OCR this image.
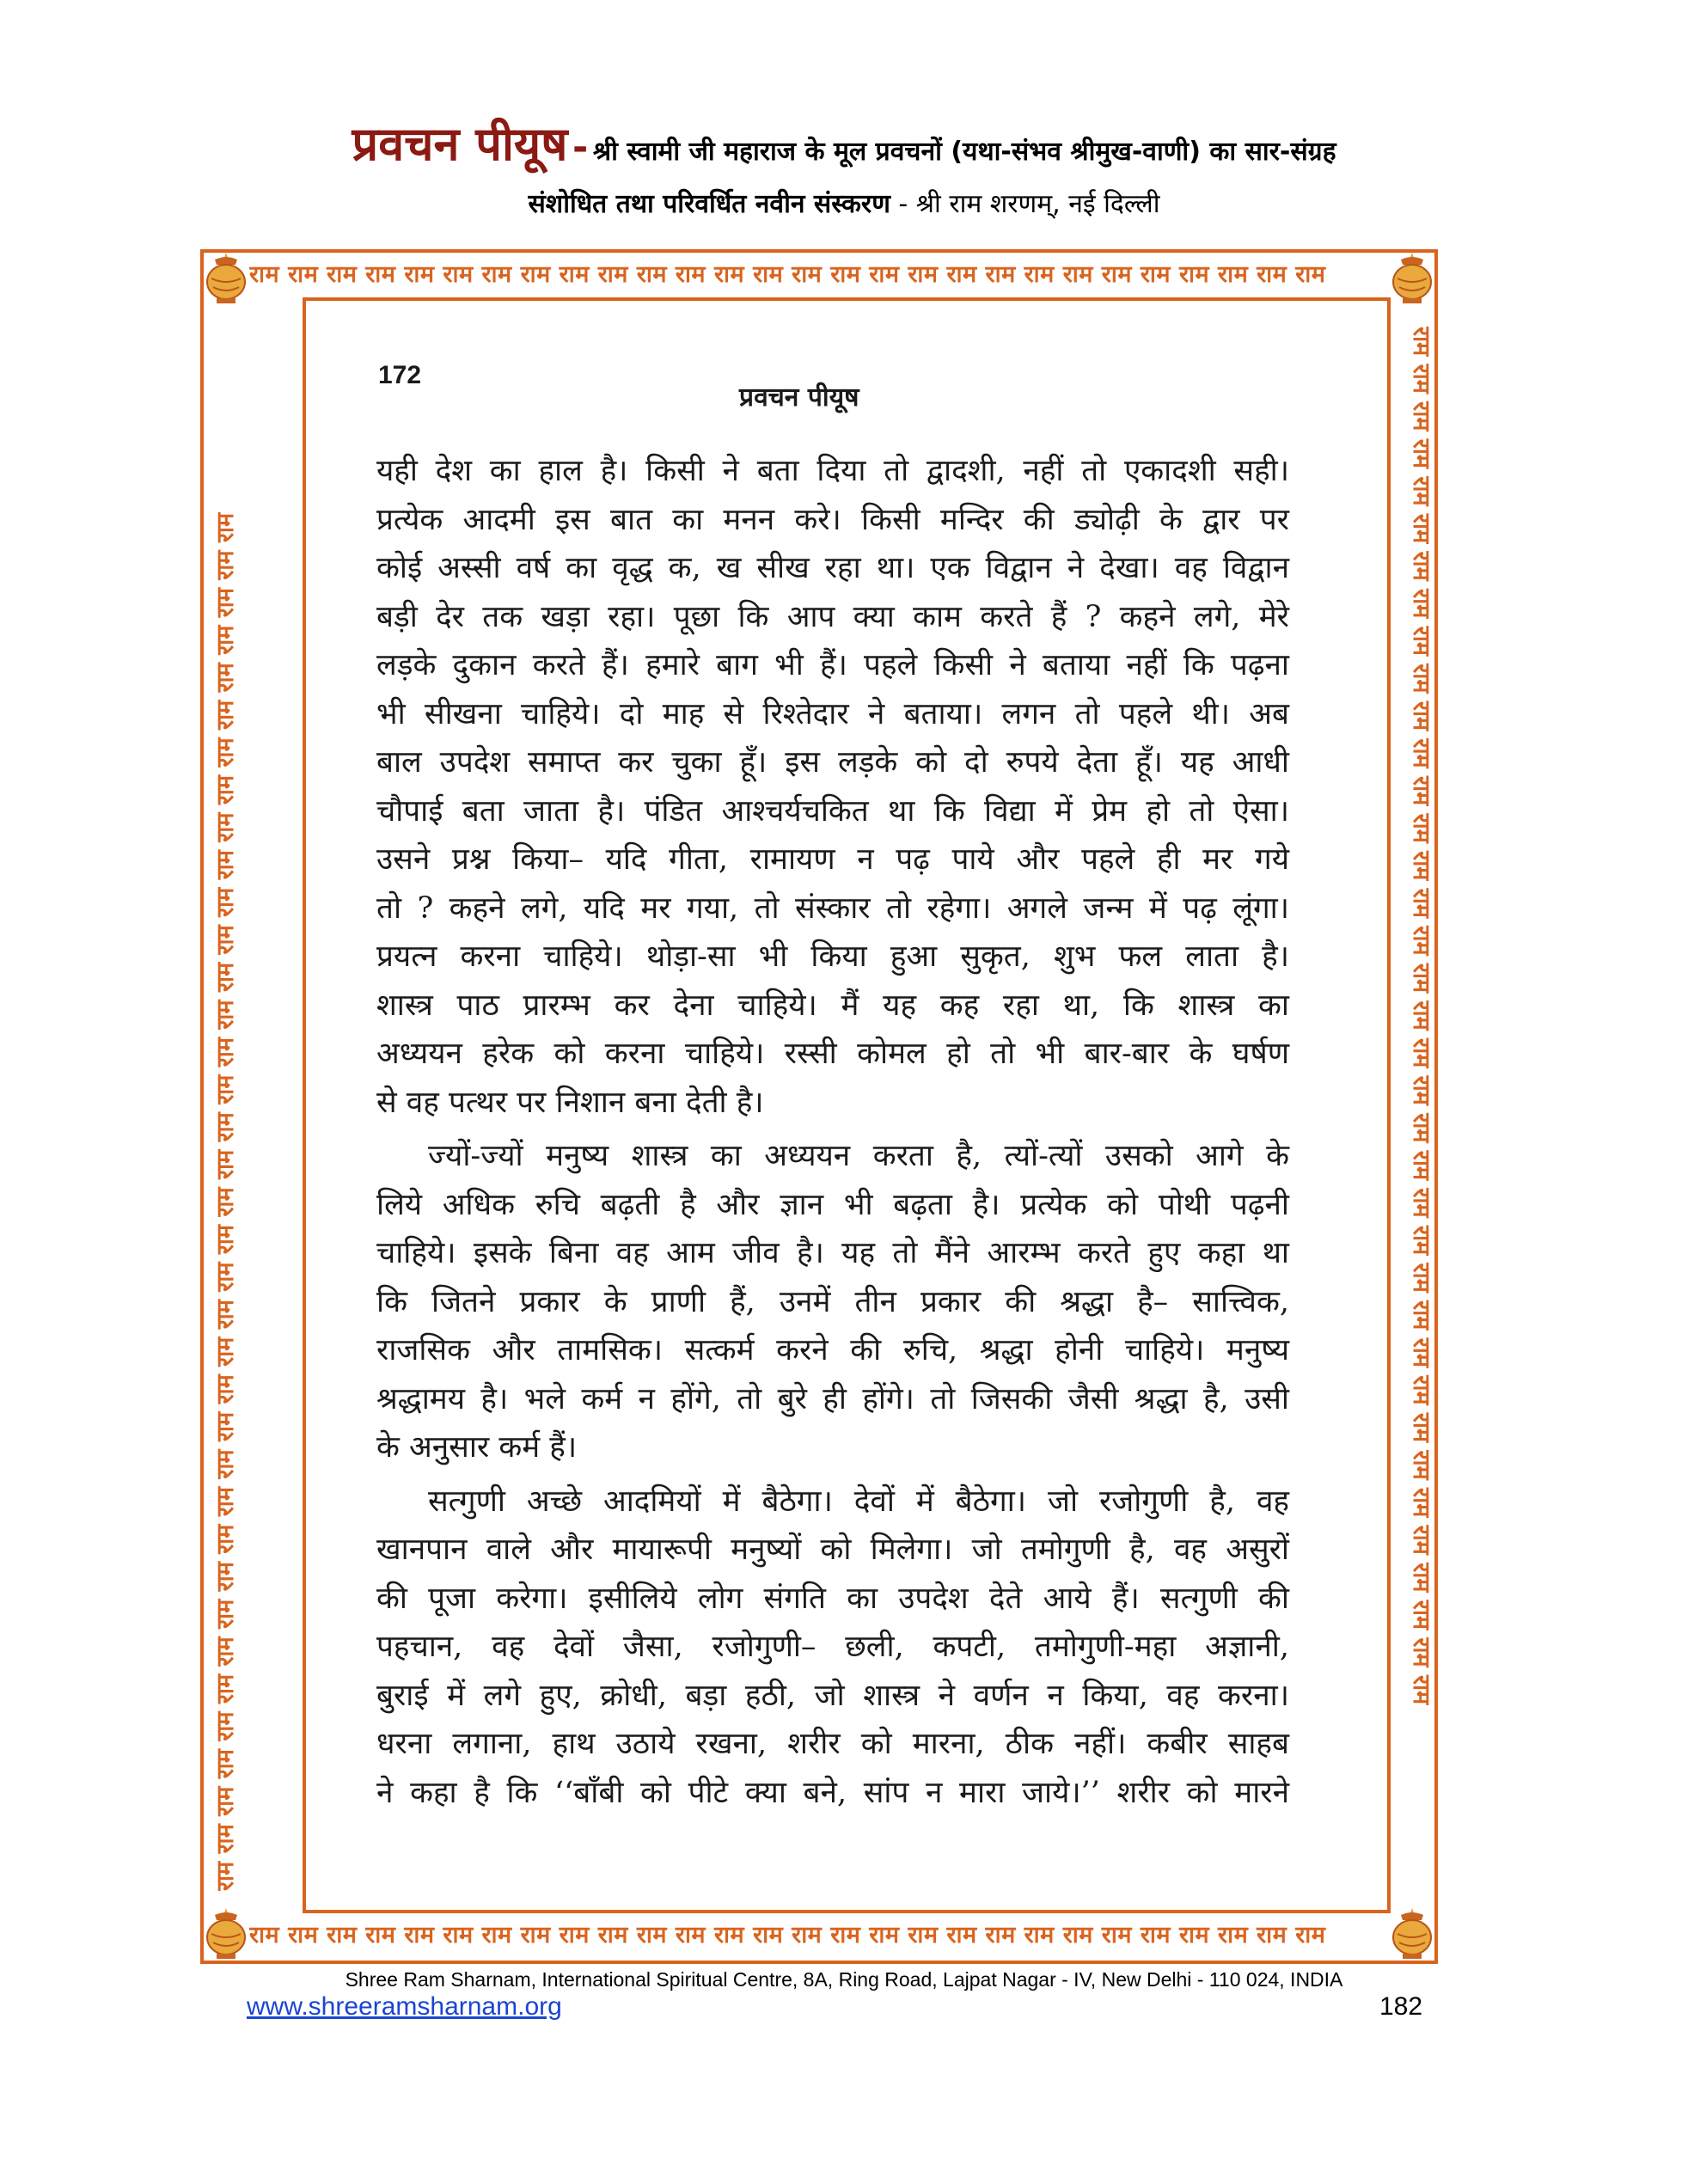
प्रवचन पीयूष - श्री स्वामी जी महाराज के मूल प्रवचनों (यथा-संभव श्रीमुख-वाणी) का सार-संग्रह
संशोधित तथा परिवर्धित नवीन संस्करण - श्री राम शरणम्, नई दिल्ली
राम राम राम राम राम राम राम राम राम राम राम राम राम राम राम राम राम राम राम राम राम राम राम राम राम राम राम राम
राम राम राम राम राम राम राम राम राम राम राम राम राम राम राम राम राम राम राम राम राम राम राम राम राम राम राम राम
राम राम राम राम राम राम राम राम राम राम राम राम राम राम राम राम राम राम राम राम राम राम राम राम राम राम राम राम राम राम राम राम राम राम राम राम राम	राम राम राम राम राम राम राम राम राम राम राम राम राम राम राम राम राम राम राम राम राम राम राम राम राम राम राम राम राम राम राम राम राम राम राम राम राम
172
प्रवचन पीयूष
यही देश का हाल है। किसी ने बता दिया तो द्वादशी, नहीं तो एकादशी सही।
प्रत्येक आदमी इस बात का मनन करे। किसी मन्दिर की ड्योढ़ी के द्वार पर
कोई अस्सी वर्ष का वृद्ध क, ख सीख रहा था। एक विद्वान ने देखा। वह विद्वान
बड़ी देर तक खड़ा रहा। पूछा कि आप क्या काम करते हैं ? कहने लगे, मेरे
लड़के दुकान करते हैं। हमारे बाग भी हैं। पहले किसी ने बताया नहीं कि पढ़ना
भी सीखना चाहिये। दो माह से रिश्तेदार ने बताया। लगन तो पहले थी। अब
बाल उपदेश समाप्त कर चुका हूँ। इस लड़के को दो रुपये देता हूँ। यह आधी
चौपाई बता जाता है। पंडित आश्चर्यचकित था कि विद्या में प्रेम हो तो ऐसा।
उसने प्रश्न किया– यदि गीता, रामायण न पढ़ पाये और पहले ही मर गये
तो ? कहने लगे, यदि मर गया, तो संस्कार तो रहेगा। अगले जन्म में पढ़ लूंगा।
प्रयत्न करना चाहिये। थोड़ा-सा भी किया हुआ सुकृत, शुभ फल लाता है।
शास्त्र पाठ प्रारम्भ कर देना चाहिये। मैं यह कह रहा था, कि शास्त्र का
अध्ययन हरेक को करना चाहिये। रस्सी कोमल हो तो भी बार-बार के घर्षण
से वह पत्थर पर निशान बना देती है।
ज्यों-ज्यों मनुष्य शास्त्र का अध्ययन करता है, त्यों-त्यों उसको आगे के
लिये अधिक रुचि बढ़ती है और ज्ञान भी बढ़ता है। प्रत्येक को पोथी पढ़नी
चाहिये। इसके बिना वह आम जीव है। यह तो मैंने आरम्भ करते हुए कहा था
कि जितने प्रकार के प्राणी हैं, उनमें तीन प्रकार की श्रद्धा है– सात्त्विक,
राजसिक और तामसिक। सत्कर्म करने की रुचि, श्रद्धा होनी चाहिये। मनुष्य
श्रद्धामय है। भले कर्म न होंगे, तो बुरे ही होंगे। तो जिसकी जैसी श्रद्धा है, उसी
के अनुसार कर्म हैं।
सत्गुणी अच्छे आदमियों में बैठेगा। देवों में बैठेगा। जो रजोगुणी है, वह
खानपान वाले और मायारूपी मनुष्यों को मिलेगा। जो तमोगुणी है, वह असुरों
की पूजा करेगा। इसीलिये लोग संगति का उपदेश देते आये हैं। सत्गुणी की
पहचान, वह देवों जैसा, रजोगुणी– छली, कपटी, तमोगुणी-महा अज्ञानी,
बुराई में लगे हुए, क्रोधी, बड़ा हठी, जो शास्त्र ने वर्णन न किया, वह करना।
धरना लगाना, हाथ उठाये रखना, शरीर को मारना, ठीक नहीं। कबीर साहब
ने कहा है कि ‘‘बाँबी को पीटे क्या बने, सांप न मारा जाये।’’ शरीर को मारने
Shree Ram Sharnam, International Spiritual Centre, 8A, Ring Road, Lajpat Nagar - IV, New Delhi - 110 024, INDIA
www.shreeramsharnam.org	182
